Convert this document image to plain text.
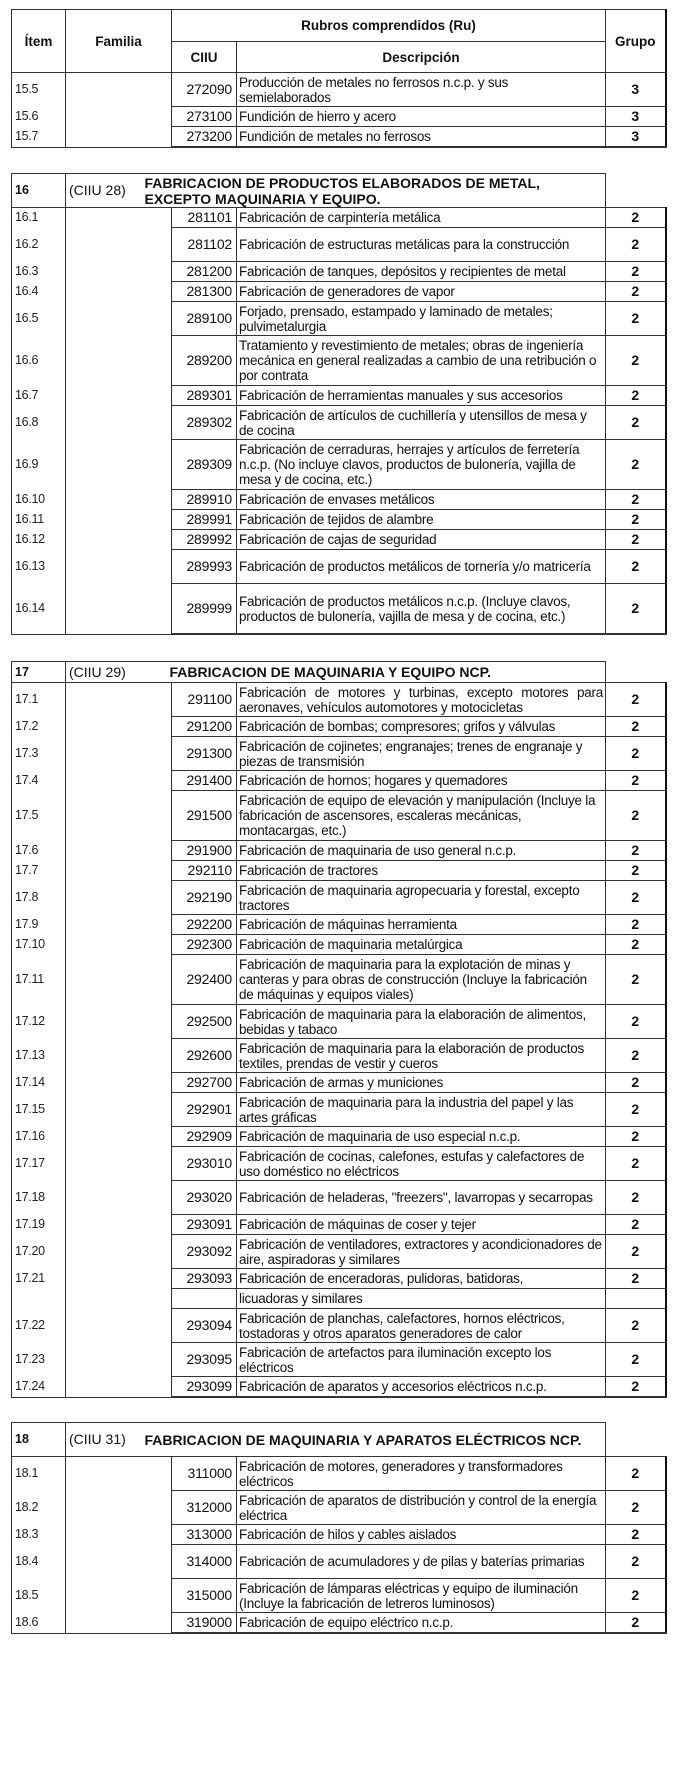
Ítem	Familia	Rubros comprendidos (Ru)		Grupo
		CIIU	Descripción	
15.5		272090	Producción de metales no ferrosos n.c.p. y sus semielaborados	3
15.6		273100	Fundición de hierro y acero	3
15.7		273200	Fundición de metales no ferrosos	3
16	(CIIU 28)	FABRICACION DE PRODUCTOS ELABORADOS DE METAL, EXCEPTO MAQUINARIA Y EQUIPO.		

16.1		281101	Fabricación de carpintería metálica	2
16.2		281102	Fabricación de estructuras metálicas para la construcción	2
16.3		281200	Fabricación de tanques, depósitos y recipientes de metal	2
16.4		281300	Fabricación de generadores de vapor	2
16.5		289100	Forjado, prensado, estampado y laminado de metales; pulvimetalurgia	2
16.6		289200	Tratamiento y revestimiento de metales; obras de ingeniería mecánica en general realizadas a cambio de una retribución o por contrata	2
16.7		289301	Fabricación de herramientas manuales y sus accesorios	2
16.8		289302	Fabricación de artículos de cuchillería y utensillos de mesa y de cocina	2
16.9		289309	Fabricación de cerraduras, herrajes y artículos de ferretería n.c.p. (No incluye clavos, productos de bulonería, vajilla de mesa y de cocina, etc.)	2
16.10		289910	Fabricación de envases metálicos	2
16.11		289991	Fabricación de tejidos de alambre	2
16.12		289992	Fabricación de cajas de seguridad	2
16.13		289993	Fabricación de productos metálicos de tornería y/o matricería	2
16.14		289999	Fabricación de productos metálicos n.c.p. (Incluye clavos, productos de bulonería, vajilla de mesa y de cocina, etc.)	2
17	(CIIU 29)	FABRICACION DE MAQUINARIA Y EQUIPO NCP.		

17.1		291100	Fabricación de motores y turbinas, excepto motores para aeronaves, vehículos automotores y motocicletas	2
17.2		291200	Fabricación de bombas; compresores; grifos y válvulas	2
17.3		291300	Fabricación de cojinetes; engranajes; trenes de engranaje y piezas de transmisión	2
17.4		291400	Fabricación de hornos; hogares y quemadores	2
17.5		291500	Fabricación de equipo de elevación y manipulación (Incluye la fabricación de ascensores, escaleras mecánicas, montacargas, etc.)	2
17.6		291900	Fabricación de maquinaria de uso general n.c.p.	2
17.7		292110	Fabricación de tractores	2
17.8		292190	Fabricación de maquinaria agropecuaria y forestal, excepto tractores	2
17.9		292200	Fabricación de máquinas herramienta	2
17.10		292300	Fabricación de maquinaria metalúrgica	2
17.11		292400	Fabricación de maquinaria para la explotación de minas y canteras y para obras de construcción (Incluye la fabricación de máquinas y equipos viales)	2
17.12		292500	Fabricación de maquinaria para la elaboración de alimentos, bebidas y tabaco	2
17.13		292600	Fabricación de maquinaria para la elaboración de productos textiles, prendas de vestir y cueros	2
17.14		292700	Fabricación de armas y municiones	2
17.15		292901	Fabricación de maquinaria para la industria del papel y las artes gráficas	2
17.16		292909	Fabricación de maquinaria de uso especial n.c.p.	2
17.17		293010	Fabricación de cocinas, calefones, estufas y calefactores de uso doméstico no eléctricos	2
17.18		293020	Fabricación de heladeras, "freezers", lavarropas y secarropas	2
17.19		293091	Fabricación de máquinas de coser y tejer	2
17.20		293092	Fabricación de ventiladores, extractores y acondicionadores de aire, aspiradoras y similares	2
17.21		293093	Fabricación de enceradoras, pulidoras, batidoras,	2
			licuadoras y similares	
17.22		293094	Fabricación de planchas, calefactores, hornos eléctricos, tostadoras y otros aparatos generadores de calor	2
17.23		293095	Fabricación de artefactos para iluminación excepto los eléctricos	2
17.24		293099	Fabricación de aparatos y accesorios eléctricos n.c.p.	2
18	(CIIU 31)	FABRICACION DE MAQUINARIA Y APARATOS ELÉCTRICOS NCP.		

18.1		311000	Fabricación de motores, generadores y transformadores eléctricos	2
18.2		312000	Fabricación de aparatos de distribución y control de la energía eléctrica	2
18.3		313000	Fabricación de hilos y cables aislados	2
18.4		314000	Fabricación de acumuladores y de pilas y baterías primarias	2
18.5		315000	Fabricación de lámparas eléctricas y equipo de iluminación (Incluye la fabricación de letreros luminosos)	2
18.6		319000	Fabricación de equipo eléctrico n.c.p.	2
